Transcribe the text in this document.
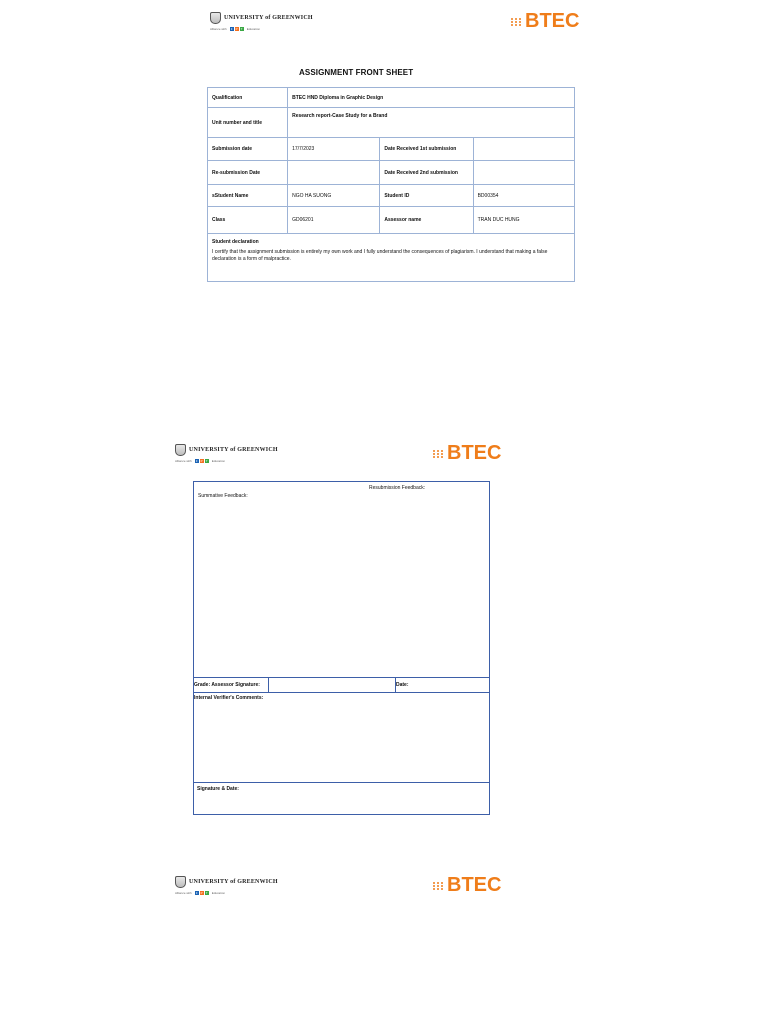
UNIVERSITY of GREENWICH
Alliance with	F	P	T	Education	BTEC
ASSIGNMENT FRONT SHEET
Qualification	BTEC HND Diploma in Graphic Design		
Unit number and title	Research report-Case Study for a Brand		
Submission date	17/7/2023	Date Received 1st submission	
Re-submission Date		Date Received 2nd submission	
sStudent Name	NGO HA SUONG	Student ID	BD00354
Class	GD06201	Assessor name	TRAN DUC HUNG

Student declaration
I certify that the assignment submission is entirely my own work and I fully understand the consequences of plagiarism. I understand that making a false declaration is a form of malpractice.			
UNIVERSITY of GREENWICH
Alliance with	F	P	T	Education	BTEC
Resubmission Feedback:
Summative Feedback:
Grade: Assessor Signature:	Date:
Internal Verifier's Comments:
Signature & Date:
UNIVERSITY of GREENWICH
Alliance with	F	P	T	Education	BTEC
